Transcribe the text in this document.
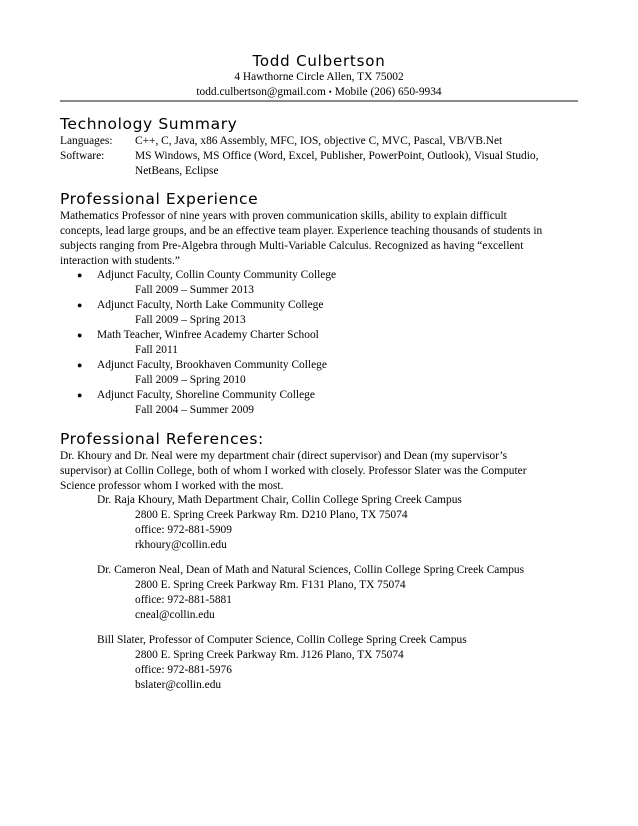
Todd Culbertson
4 Hawthorne Circle Allen, TX 75002
todd.culbertson@gmail.com • Mobile (206) 650-9934
Technology Summary
Languages: C++, C, Java, x86 Assembly, MFC, IOS, objective C, MVC, Pascal, VB/VB.Net
Software:	MS Windows, MS Office (Word, Excel, Publisher, PowerPoint, Outlook), Visual Studio,
NetBeans, Eclipse
Professional Experience
Mathematics Professor of nine years with proven communication skills, ability to explain difficult
concepts, lead large groups, and be an effective team player. Experience teaching thousands of students in
subjects ranging from Pre-Algebra through Multi-Variable Calculus. Recognized as having “excellent
interaction with students.”
● Adjunct Faculty, Collin County Community College
Fall 2009 – Summer 2013
● Adjunct Faculty, North Lake Community College
Fall 2009 – Spring 2013
● Math Teacher, Winfree Academy Charter School
Fall 2011
● Adjunct Faculty, Brookhaven Community College
Fall 2009 – Spring 2010
● Adjunct Faculty, Shoreline Community College
Fall 2004 – Summer 2009
Professional References:
Dr. Khoury and Dr. Neal were my department chair (direct supervisor) and Dean (my supervisor’s
supervisor) at Collin College, both of whom I worked with closely. Professor Slater was the Computer
Science professor whom I worked with the most.
Dr. Raja Khoury, Math Department Chair, Collin College Spring Creek Campus
2800 E. Spring Creek Parkway Rm. D210 Plano, TX 75074
office: 972-881-5909
rkhoury@collin.edu
Dr. Cameron Neal, Dean of Math and Natural Sciences, Collin College Spring Creek Campus
2800 E. Spring Creek Parkway Rm. F131 Plano, TX 75074
office: 972-881-5881
cneal@collin.edu
Bill Slater, Professor of Computer Science, Collin College Spring Creek Campus
2800 E. Spring Creek Parkway Rm. J126 Plano, TX 75074
office: 972-881-5976
bslater@collin.edu
